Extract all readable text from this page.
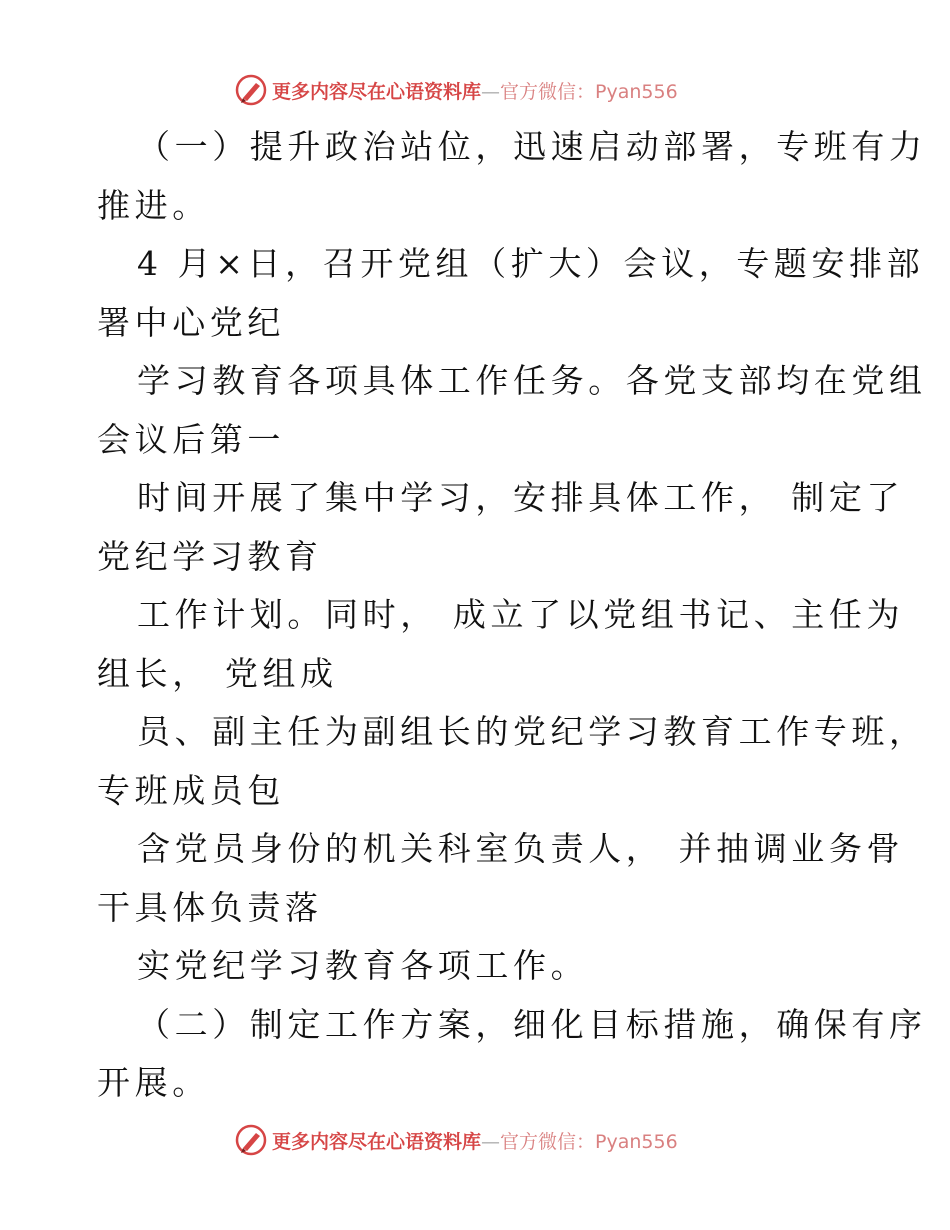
更多内容尽在心语资料库—官方微信：Pyan556
（一）提升政治站位，迅速启动部署，专班有力
推进。
4 月×日，召开党组（扩大）会议，专题安排部
署中心党纪
学习教育各项具体工作任务。各党支部均在党组
会议后第一
时间开展了集中学习，安排具体工作， 制定了
党纪学习教育
工作计划。同时， 成立了以党组书记、主任为
组长， 党组成
员、副主任为副组长的党纪学习教育工作专班，
专班成员包
含党员身份的机关科室负责人， 并抽调业务骨
干具体负责落
实党纪学习教育各项工作。
（二）制定工作方案，细化目标措施，确保有序
开展。
更多内容尽在心语资料库—官方微信：Pyan556
